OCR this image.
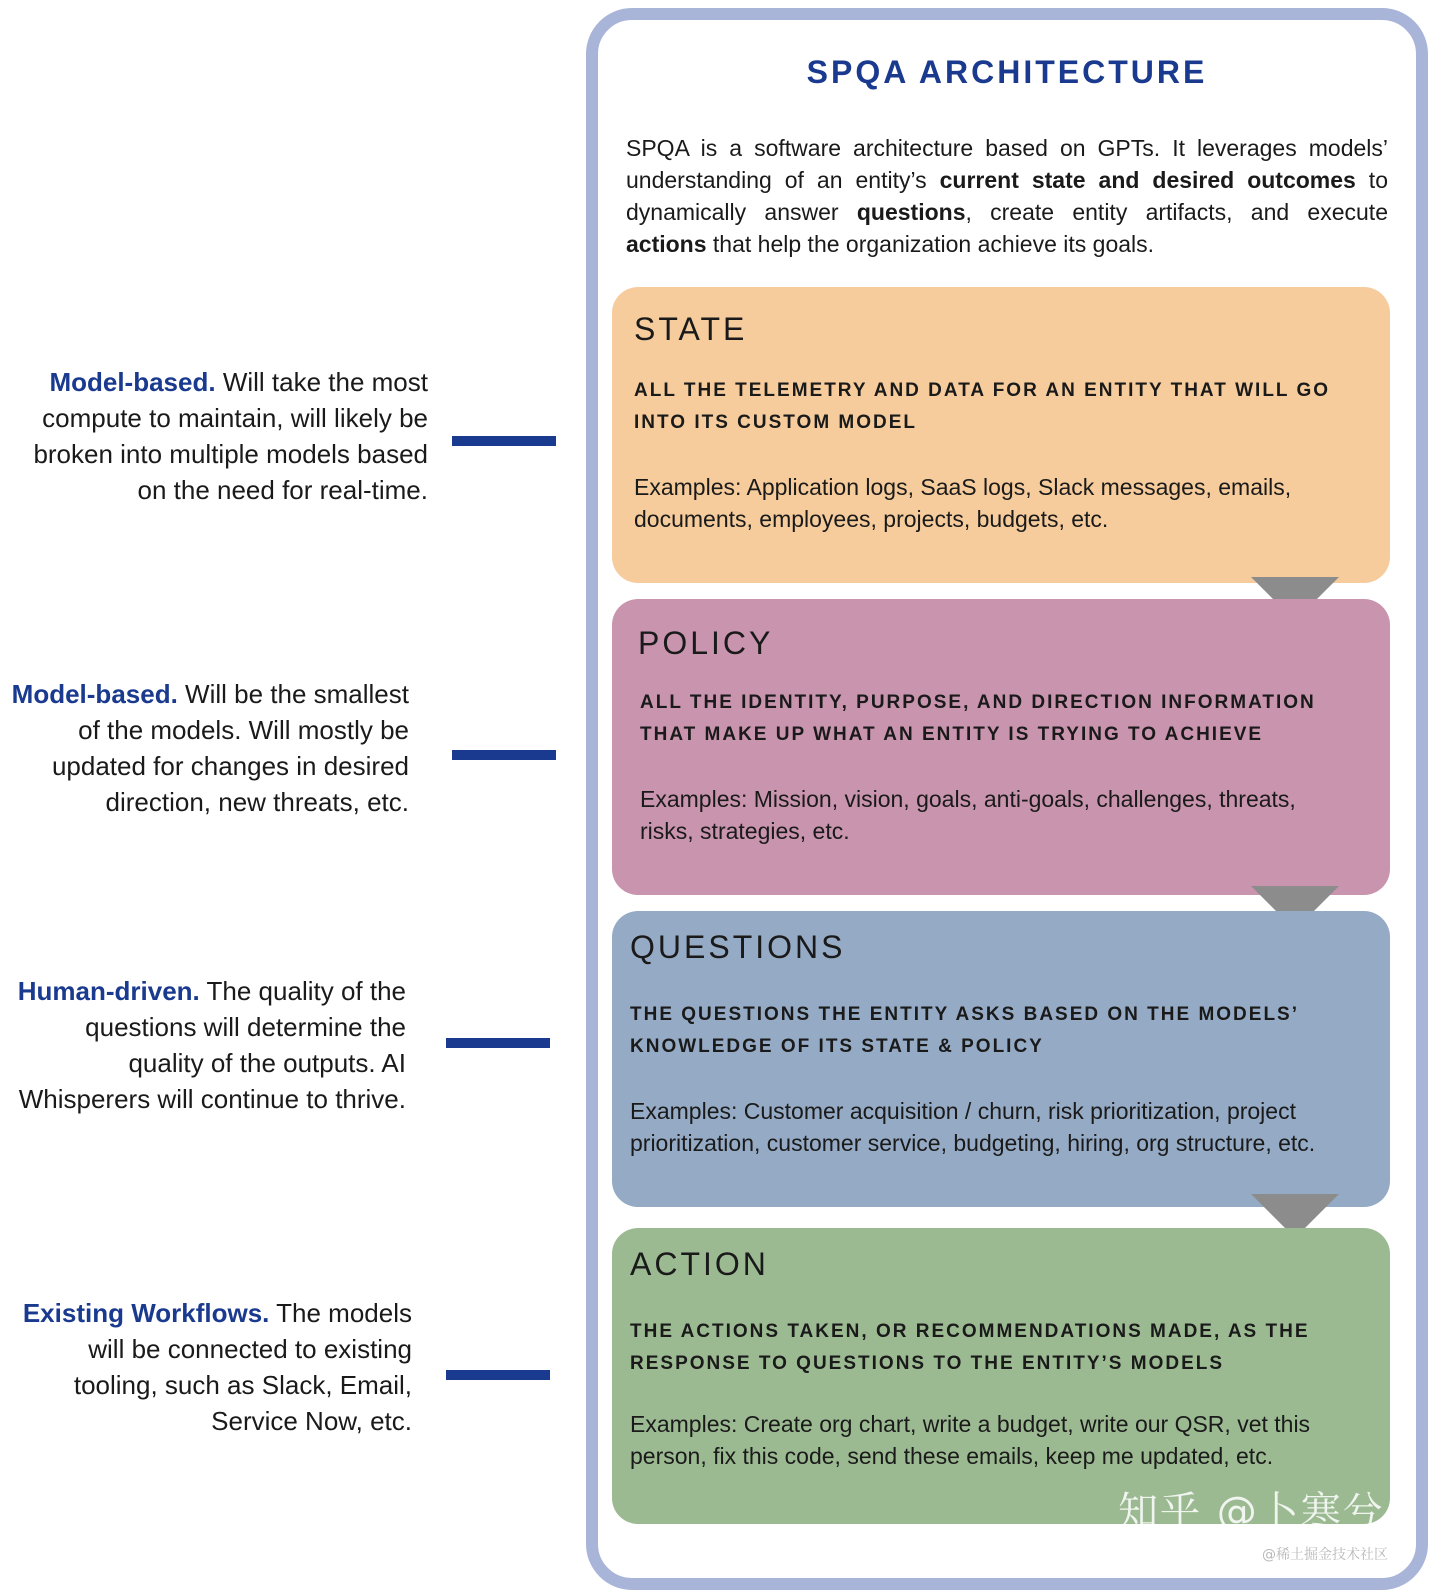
Model-based. Will take the most compute to maintain, will likely be broken into multiple models based on the need for real-time.
Model-based. Will be the smallest of the models. Will mostly be updated for changes in desired direction, new threats, etc.
Human-driven. The quality of the questions will determine the quality of the outputs. AI Whisperers will continue to thrive.
Existing Workflows. The models will be connected to existing tooling, such as Slack, Email, Service Now, etc.
SPQA ARCHITECTURE
SPQA is a software architecture based on GPTs. It leverages models’ understanding of an entity’s current state and desired outcomes to dynamically answer questions, create entity artifacts, and execute actions that help the organization achieve its goals.
STATE
ALL THE TELEMETRY AND DATA FOR AN ENTITY THAT WILL GO INTO ITS CUSTOM MODEL
Examples: Application logs, SaaS logs, Slack messages, emails, documents, employees, projects, budgets, etc.
POLICY
ALL THE IDENTITY, PURPOSE, AND DIRECTION INFORMATION THAT MAKE UP WHAT AN ENTITY IS TRYING TO ACHIEVE
Examples: Mission, vision, goals, anti-goals, challenges, threats, risks, strategies, etc.
QUESTIONS
THE QUESTIONS THE ENTITY ASKS BASED ON THE MODELS’ KNOWLEDGE OF ITS STATE & POLICY
Examples: Customer acquisition / churn, risk prioritization, project prioritization, customer service, budgeting, hiring, org structure, etc.
ACTION
THE ACTIONS TAKEN, OR RECOMMENDATIONS MADE, AS THE RESPONSE TO QUESTIONS TO THE ENTITY’S MODELS
Examples: Create org chart, write a budget, write our QSR, vet this person, fix this code, send these emails, keep me updated, etc.
知乎 @卜寒兮
@稀土掘金技术社区
